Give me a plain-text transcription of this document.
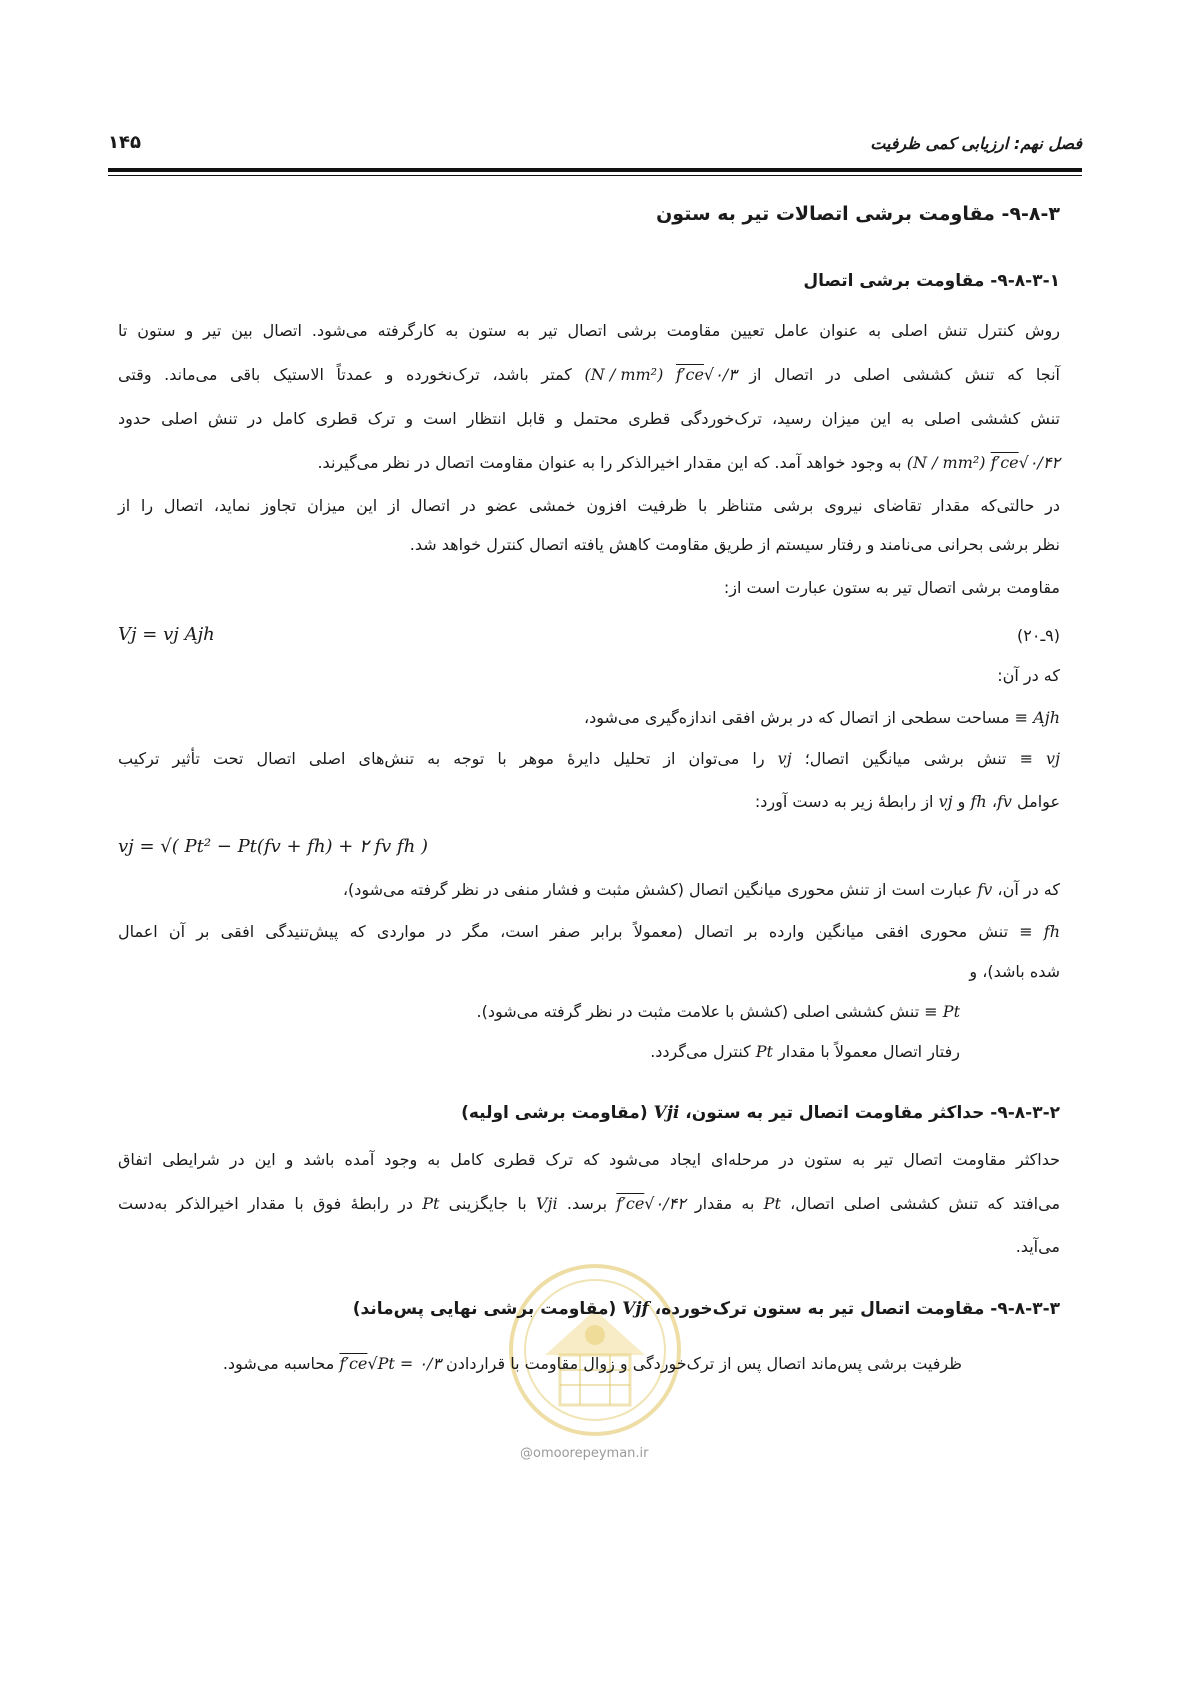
فصل نهم: ارزیابی کمی ظرفیت
۱۴۵
۹-۸-۳- مقاومت برشی اتصالات تیر به ستون
۹-۸-۳-۱- مقاومت برشی اتصال
روش کنترل تنش اصلی به عنوان عامل تعیین مقاومت برشی اتصال تیر به ستون به کارگرفته می‌شود. اتصال بین تیر و ستون تا
آنجا که تنش کششی اصلی در اتصال از ۰/۳√f′ce (N / mm²) کمتر باشد، ترک‌نخورده و عمدتاً الاستیک باقی می‌ماند. وقتی
تنش کششی اصلی به این میزان رسید، ترک‌خوردگی قطری محتمل و قابل انتظار است و ترک قطری کامل در تنش اصلی حدود
۰/۴۲√f′ce (N / mm²) به وجود خواهد آمد. که این مقدار اخیرالذکر را به عنوان مقاومت اتصال در نظر می‌گیرند.
در حالتی‌که مقدار تقاضای نیروی برشی متناظر با ظرفیت افزون خمشی عضو در اتصال از این میزان تجاوز نماید، اتصال را از
نظر برشی بحرانی می‌نامند و رفتار سیستم از طریق مقاومت کاهش یافته اتصال کنترل خواهد شد.
مقاومت برشی اتصال تیر به ستون عبارت است از:
Vj = vj Ajh	(۹ـ۲۰)
که در آن:
Ajh ≡ مساحت سطحی از اتصال که در برش افقی اندازه‌گیری می‌شود،
vj ≡ تنش برشی میانگین اتصال؛ vj را می‌توان از تحلیل دایرهٔ موهر با توجه به تنش‌های اصلی اتصال تحت تأثیر ترکیب
عوامل fv، fh و vj از رابطهٔ زیر به دست آورد:
vj = √( Pt² − Pt(fv + fh) + ۲ fv fh )
که در آن، fv عبارت است از تنش محوری میانگین اتصال (کشش مثبت و فشار منفی در نظر گرفته می‌شود)،
fh ≡ تنش محوری افقی میانگین وارده بر اتصال (معمولاً برابر صفر است، مگر در مواردی که پیش‌تنیدگی افقی بر آن اعمال
شده باشد)، و
Pt ≡ تنش کششی اصلی (کشش با علامت مثبت در نظر گرفته می‌شود).
رفتار اتصال معمولاً با مقدار Pt کنترل می‌گردد.
۹-۸-۳-۲- حداکثر مقاومت اتصال تیر به ستون، Vji (مقاومت برشی اولیه)
حداکثر مقاومت اتصال تیر به ستون در مرحله‌ای ایجاد می‌شود که ترک قطری کامل به وجود آمده باشد و این در شرایطی اتفاق
می‌افتد که تنش کششی اصلی اتصال، Pt به مقدار ۰/۴۲√f′ce برسد. Vji با جایگزینی Pt در رابطهٔ فوق با مقدار اخیرالذکر به‌دست
می‌آید.
@omoorepeyman.ir
۹-۸-۳-۳- مقاومت اتصال تیر به ستون ترک‌خورده، Vjf (مقاومت برشی نهایی پس‌ماند)
ظرفیت برشی پس‌ماند اتصال پس از ترک‌خوردگی و زوال مقاومت با قراردادن Pt = ۰/۳√f′ce محاسبه می‌شود.
